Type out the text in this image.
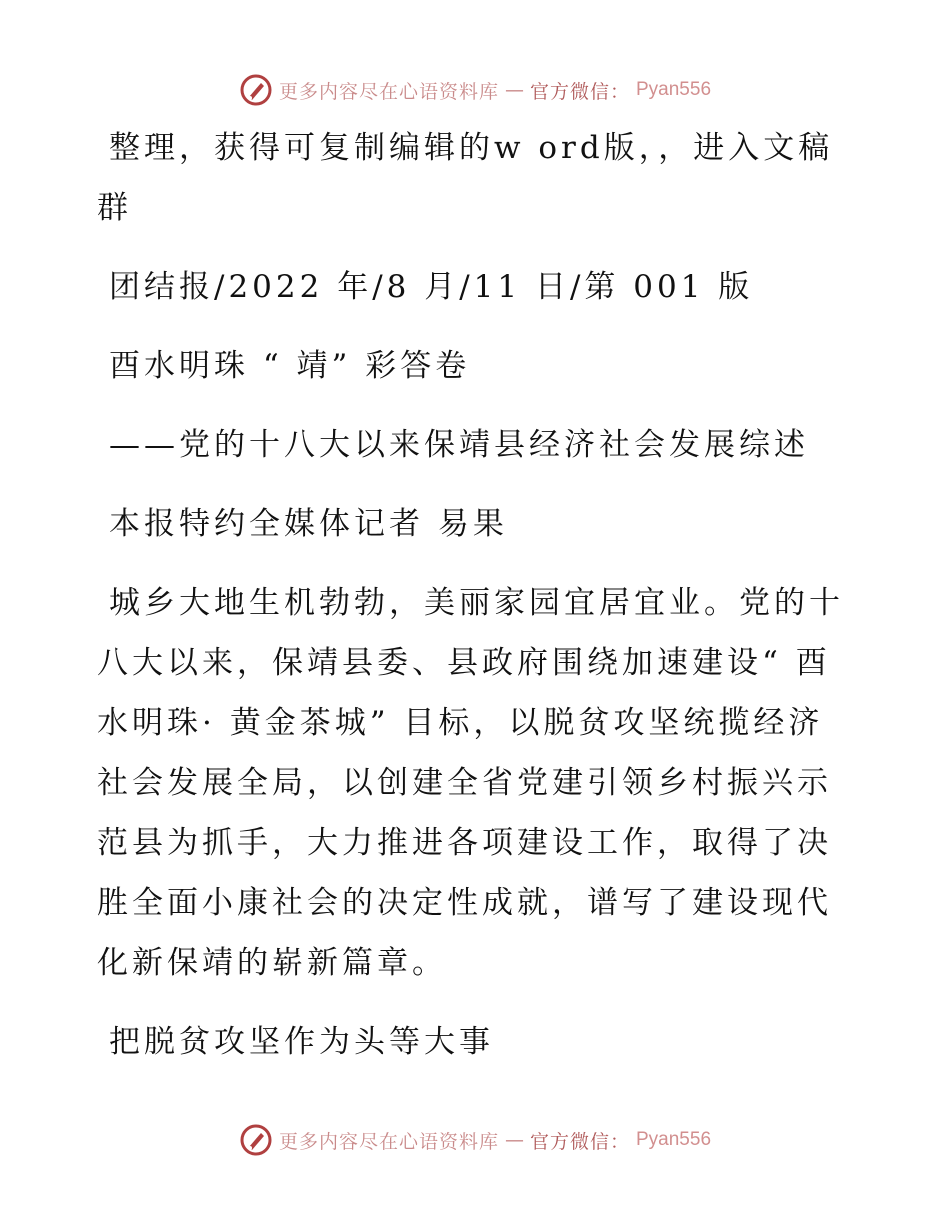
更多内容尽在心语资料库 — 官方微信： Pyan556

整理，获得可复制编辑的w ord版，，进入文稿群

团结报/2022 年/8 月/11 日/第 001 版

酉水明珠 “ 靖” 彩答卷

——党的十八大以来保靖县经济社会发展综述

本报特约全媒体记者 易果

城乡大地生机勃勃，美丽家园宜居宜业。党的十八大以来，保靖县委、县政府围绕加速建设“ 酉水明珠· 黄金茶城” 目标，以脱贫攻坚统揽经济社会发展全局，以创建全省党建引领乡村振兴示范县为抓手，大力推进各项建设工作，取得了决胜全面小康社会的决定性成就，谱写了建设现代化新保靖的崭新篇章。

把脱贫攻坚作为头等大事

更多内容尽在心语资料库 — 官方微信： Pyan556
